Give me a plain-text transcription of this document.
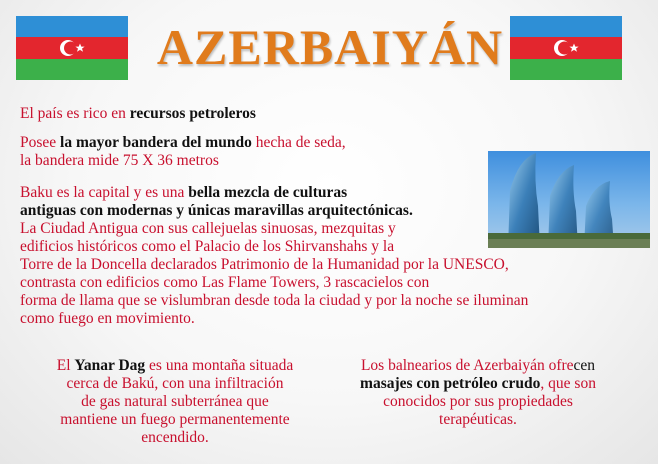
AZERBAIYÁN
El país es rico en recursos petroleros
Posee la mayor bandera del mundo hecha de seda,
la bandera mide 75 X 36 metros
Baku es la capital y es una bella mezcla de culturas
antiguas con modernas y únicas maravillas arquitectónicas.
La Ciudad Antigua con sus callejuelas sinuosas, mezquitas y
edificios históricos como el Palacio de los Shirvanshahs y la
Torre de la Doncella declarados Patrimonio de la Humanidad por la UNESCO,
contrasta con edificios como Las Flame Towers, 3 rascacielos con
forma de llama que se vislumbran desde toda la ciudad y por la noche se iluminan
como fuego en movimiento.
El Yanar Dag es una montaña situada
cerca de Bakú, con una infiltración
de gas natural subterránea que
mantiene un fuego permanentemente
encendido.
Los balnearios de Azerbaiyán ofrecen
masajes con petróleo crudo, que son
conocidos por sus propiedades
terapéuticas.
